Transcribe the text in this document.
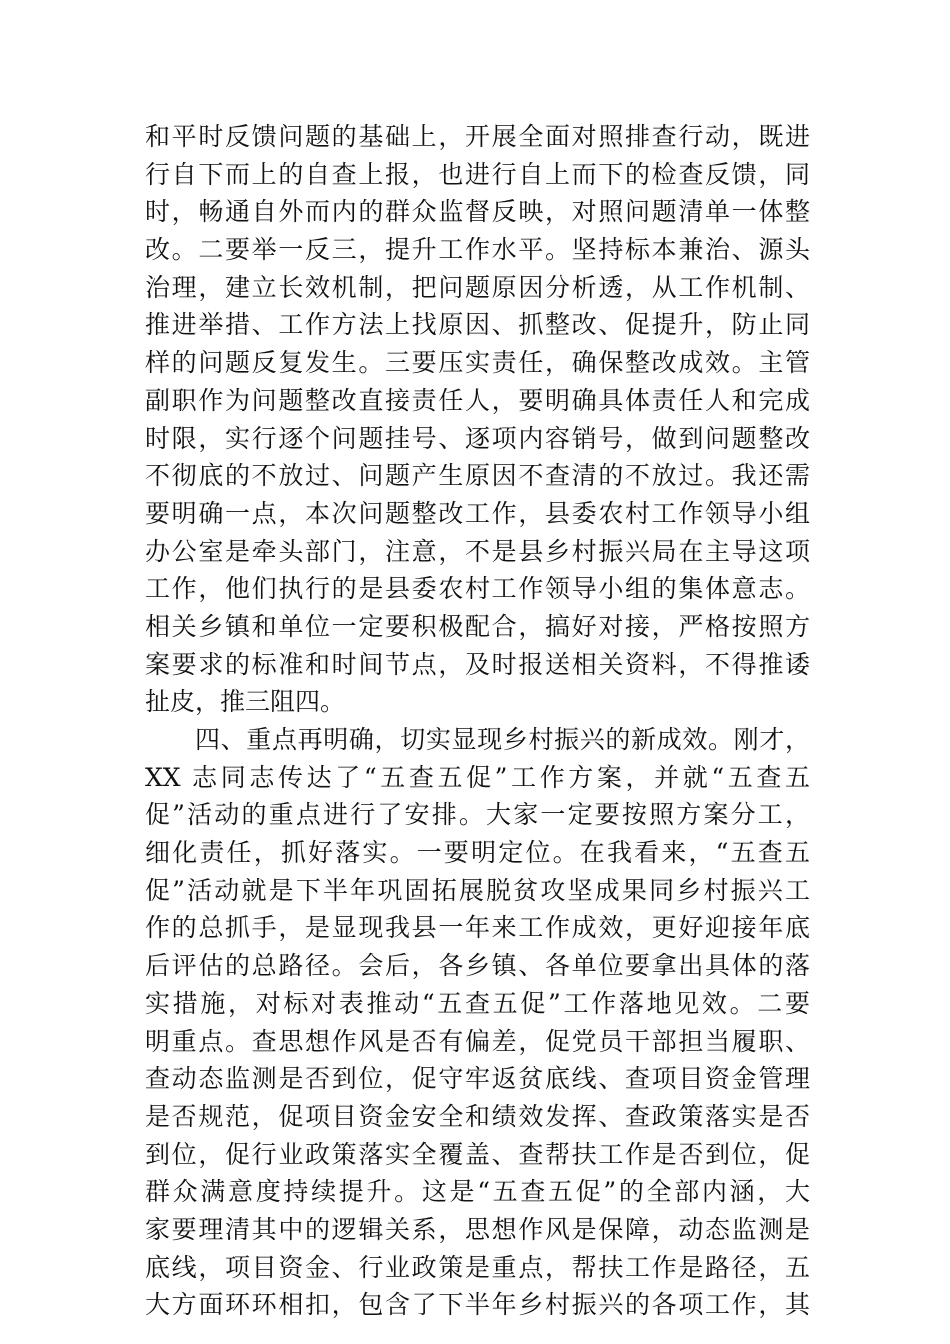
和平时反馈问题的基础上，开展全面对照排查行动，既进
行自下而上的自查上报，也进行自上而下的检查反馈，同
时，畅通自外而内的群众监督反映，对照问题清单一体整
改。二要举一反三，提升工作水平。坚持标本兼治、源头
治理，建立长效机制，把问题原因分析透，从工作机制、
推进举措、工作方法上找原因、抓整改、促提升，防止同
样的问题反复发生。三要压实责任，确保整改成效。主管
副职作为问题整改直接责任人，要明确具体责任人和完成
时限，实行逐个问题挂号、逐项内容销号，做到问题整改
不彻底的不放过、问题产生原因不查清的不放过。我还需
要明确一点，本次问题整改工作，县委农村工作领导小组
办公室是牵头部门，注意，不是县乡村振兴局在主导这项
工作，他们执行的是县委农村工作领导小组的集体意志。
相关乡镇和单位一定要积极配合，搞好对接，严格按照方
案要求的标准和时间节点，及时报送相关资料，不得推诿
扯皮，推三阻四。
四、重点再明确，切实显现乡村振兴的新成效。刚才，
XX 志同志传达了“五查五促”工作方案，并就“五查五
促”活动的重点进行了安排。大家一定要按照方案分工，
细化责任，抓好落实。一要明定位。在我看来，“五查五
促”活动就是下半年巩固拓展脱贫攻坚成果同乡村振兴工
作的总抓手，是显现我县一年来工作成效，更好迎接年底
后评估的总路径。会后，各乡镇、各单位要拿出具体的落
实措施，对标对表推动“五查五促”工作落地见效。二要
明重点。查思想作风是否有偏差，促党员干部担当履职、
查动态监测是否到位，促守牢返贫底线、查项目资金管理
是否规范，促项目资金安全和绩效发挥、查政策落实是否
到位，促行业政策落实全覆盖、查帮扶工作是否到位，促
群众满意度持续提升。这是“五查五促”的全部内涵，大
家要理清其中的逻辑关系，思想作风是保障，动态监测是
底线，项目资金、行业政策是重点，帮扶工作是路径，五
大方面环环相扣，包含了下半年乡村振兴的各项工作，其
